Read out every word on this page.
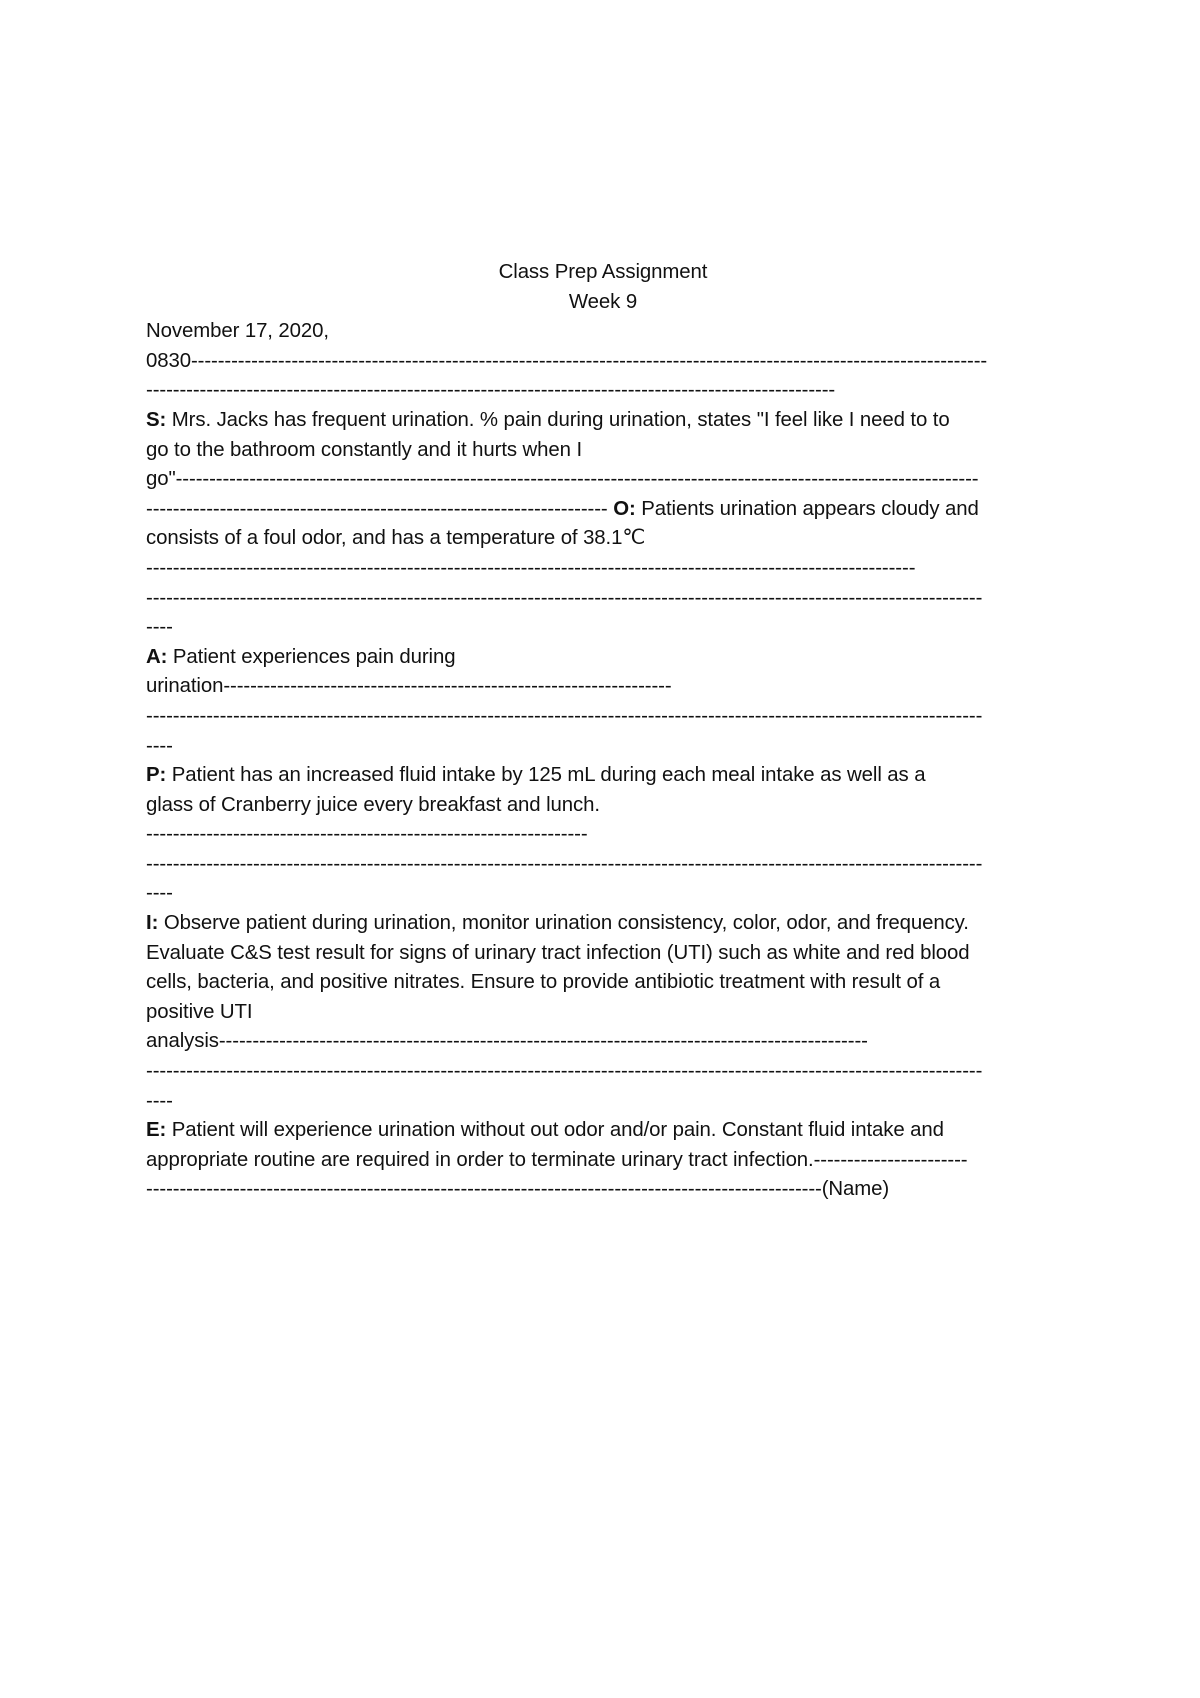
Class Prep Assignment
Week 9
November 17, 2020,
0830-----------------------------------------------------------------------------------------------------------------------
-------------------------------------------------------------------------------------------------------
S: Mrs. Jacks has frequent urination. % pain during urination, states "I feel like I need to to
go to the bathroom constantly and it hurts when I
go"------------------------------------------------------------------------------------------------------------------------
--------------------------------------------------------------------- O: Patients urination appears cloudy and
consists of a foul odor, and has a temperature of 38.1℃
-------------------------------------------------------------------------------------------------------------------
-----------------------------------------------------------------------------------------------------------------------------
----
A: Patient experiences pain during
urination-------------------------------------------------------------------
-----------------------------------------------------------------------------------------------------------------------------
----
P: Patient has an increased fluid intake by 125 mL during each meal intake as well as a
glass of Cranberry juice every breakfast and lunch.
------------------------------------------------------------------
-----------------------------------------------------------------------------------------------------------------------------
----
I: Observe patient during urination, monitor urination consistency, color, odor, and frequency.
Evaluate C&S test result for signs of urinary tract infection (UTI) such as white and red blood
cells, bacteria, and positive nitrates. Ensure to provide antibiotic treatment with result of a
positive UTI
analysis-------------------------------------------------------------------------------------------------
-----------------------------------------------------------------------------------------------------------------------------
----
E: Patient will experience urination without out odor and/or pain. Constant fluid intake and
appropriate routine are required in order to terminate urinary tract infection.-----------------------
-----------------------------------------------------------------------------------------------------(Name)
